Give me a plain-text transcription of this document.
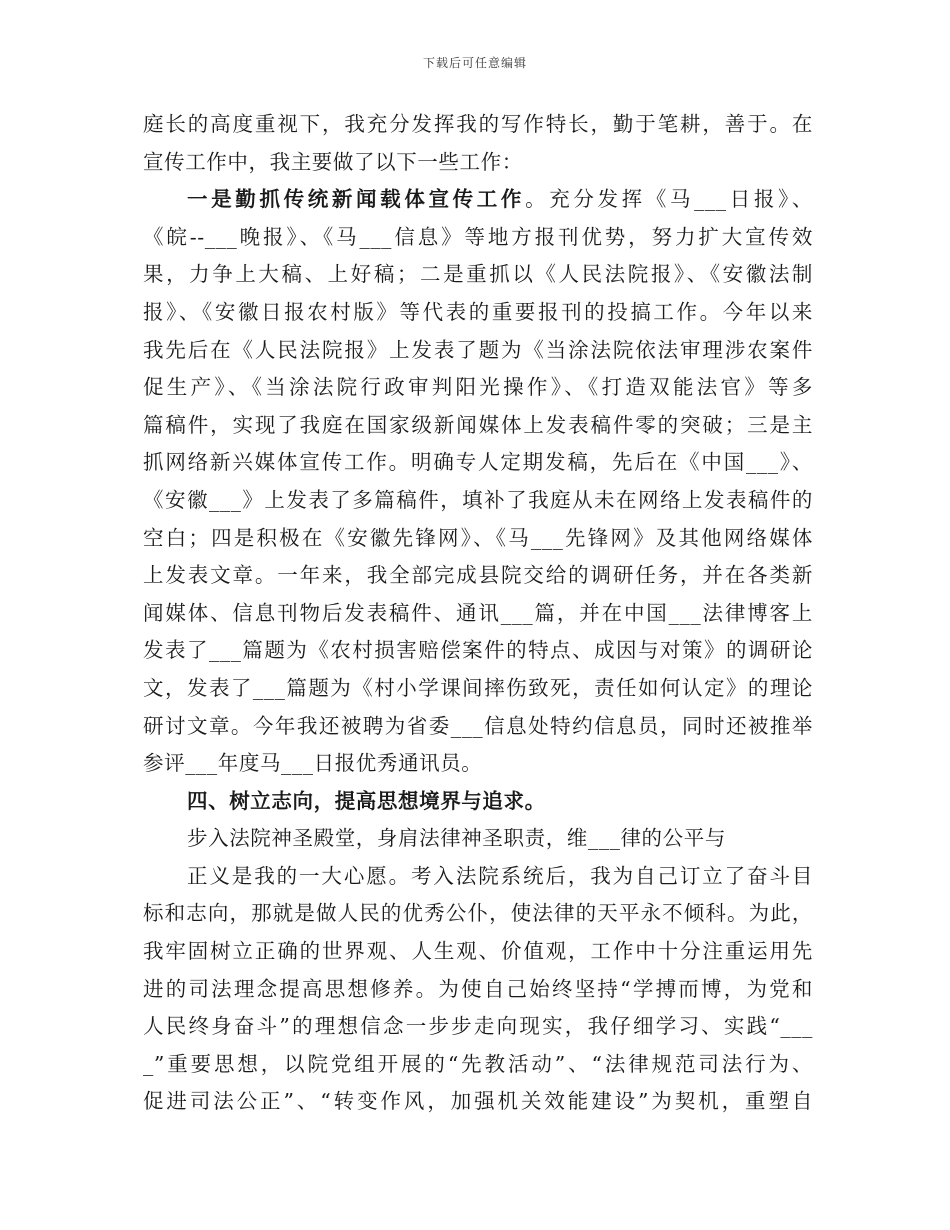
下载后可任意编辑
庭长的高度重视下，我充分发挥我的写作特长，勤于笔耕，善于。在
宣传工作中，我主要做了以下一些工作：
一是勤抓传统新闻载体宣传工作。充分发挥《马___日报》、
《皖--___晚报》、《马___信息》等地方报刊优势，努力扩大宣传效
果，力争上大稿、上好稿；二是重抓以《人民法院报》、《安徽法制
报》、《安徽日报农村版》等代表的重要报刊的投搞工作。今年以来
我先后在《人民法院报》上发表了题为《当涂法院依法审理涉农案件
促生产》、《当涂法院行政审判阳光操作》、《打造双能法官》等多
篇稿件，实现了我庭在国家级新闻媒体上发表稿件零的突破；三是主
抓网络新兴媒体宣传工作。明确专人定期发稿，先后在《中国___》、
《安徽___》上发表了多篇稿件，填补了我庭从未在网络上发表稿件的
空白；四是积极在《安徽先锋网》、《马___先锋网》及其他网络媒体
上发表文章。一年来，我全部完成县院交给的调研任务，并在各类新
闻媒体、信息刊物后发表稿件、通讯___篇，并在中国___法律博客上
发表了___篇题为《农村损害赔偿案件的特点、成因与对策》的调研论
文，发表了___篇题为《村小学课间摔伤致死，责任如何认定》的理论
研讨文章。今年我还被聘为省委___信息处特约信息员，同时还被推举
参评___年度马___日报优秀通讯员。
四、树立志向，提高思想境界与追求。
步入法院神圣殿堂，身肩法律神圣职责，维___律的公平与
正义是我的一大心愿。考入法院系统后，我为自己订立了奋斗目
标和志向，那就是做人民的优秀公仆，使法律的天平永不倾科。为此，
我牢固树立正确的世界观、人生观、价值观，工作中十分注重运用先
进的司法理念提高思想修养。为使自己始终坚持“学搏而博，为党和
人民终身奋斗”的理想信念一步步走向现实，我仔细学习、实践“___
_”重要思想，以院党组开展的“先教活动”、“法律规范司法行为、
促进司法公正”、“转变作风，加强机关效能建设”为契机，重塑自
